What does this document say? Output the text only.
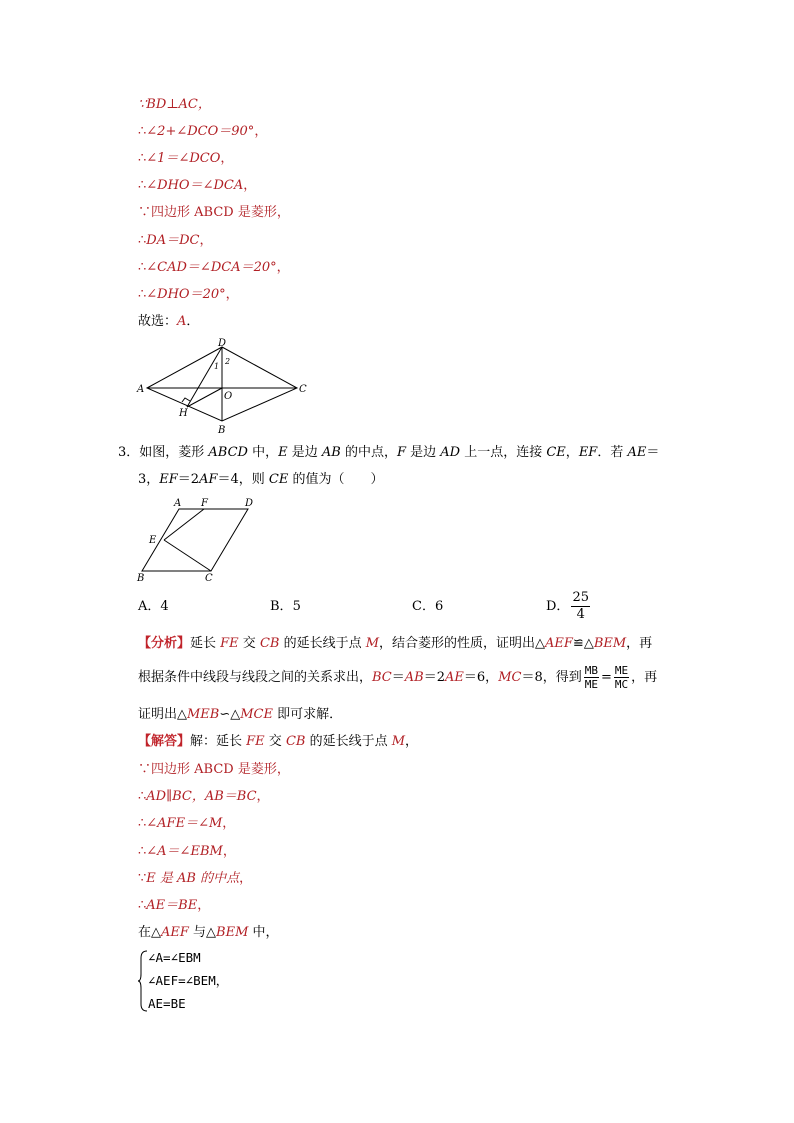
∵BD⊥AC，
∴∠2+∠DCO＝90°，
∴∠1＝∠DCO，
∴∠DHO＝∠DCA，
∵四边形 ABCD 是菱形，
∴DA＝DC，
∴∠CAD＝∠DCA＝20°，
∴∠DHO＝20°，
故选：A．
D
2
1
A
O
C
H
B
3．如图，菱形 ABCD 中，E 是边 AB 的中点，F 是边 AD 上一点，连接 CE，EF．若 AE＝
3，EF＝2AF＝4，则 CE 的值为（　　）
A F	D
E
B	C
A．4	B．5	C．6	D． $\frac{25}{4}$
【分析】延长 FE 交 CB 的延长线于点 M，结合菱形的性质，证明出△AEF≌△BEM，再
根据条件中线段与线段之间的关系求出，BC＝AB＝2AE＝6，MC＝8，得到 $\frac{MB}{ME} = \frac{ME}{MC}$ ，再
证明出△MEB∽△MCE 即可求解．
【解答】解：延长 FE 交 CB 的延长线于点 M，
∵四边形 ABCD 是菱形，
∴AD∥BC，AB＝BC，
∴∠AFE＝∠M，
∴∠A＝∠EBM，
∵E 是 AB 的中点，
∴AE＝BE，
在△AEF 与△BEM 中，
∠A=∠EBM
∠AEF=∠BEM，
AE=BE
